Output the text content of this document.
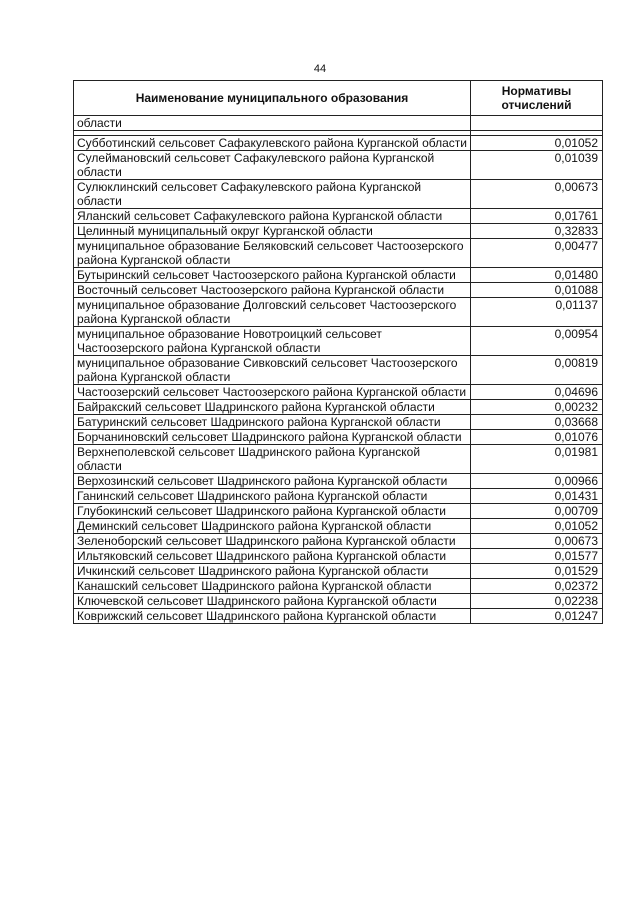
44
Наименование муниципального образования	Нормативы отчислений
области	

Субботинский сельсовет Сафакулевского района Курганской области	0,01052
Сулеймановский сельсовет Сафакулевского района Курганской области	0,01039
Сулюклинский сельсовет Сафакулевского района Курганской области	0,00673
Яланский сельсовет Сафакулевского района Курганской области	0,01761
Целинный муниципальный округ Курганской области	0,32833
муниципальное образование Беляковский сельсовет Частоозерского района Курганской области	0,00477
Бутыринский сельсовет Частоозерского района Курганской области	0,01480
Восточный сельсовет Частоозерского района Курганской области	0,01088
муниципальное образование Долговский сельсовет Частоозерского района Курганской области	0,01137
муниципальное образование Новотроицкий сельсовет Частоозерского района Курганской области	0,00954
муниципальное образование Сивковский сельсовет Частоозерского района Курганской области	0,00819
Частоозерский сельсовет Частоозерского района Курганской области	0,04696
Байракский сельсовет Шадринского района Курганской области	0,00232
Батуринский сельсовет Шадринского района Курганской области	0,03668
Борчаниновский сельсовет Шадринского района Курганской области	0,01076
Верхнеполевской сельсовет Шадринского района Курганской области	0,01981
Верхозинский сельсовет Шадринского района Курганской области	0,00966
Ганинский сельсовет Шадринского района Курганской области	0,01431
Глубокинский сельсовет Шадринского района Курганской области	0,00709
Деминский сельсовет Шадринского района Курганской области	0,01052
Зеленоборский сельсовет Шадринского района Курганской области	0,00673
Ильтяковский сельсовет Шадринского района Курганской области	0,01577
Ичкинский сельсовет Шадринского района Курганской области	0,01529
Канашский сельсовет Шадринского района Курганской области	0,02372
Ключевской сельсовет Шадринского района Курганской области	0,02238
Коврижский сельсовет Шадринского района Курганской области	0,01247
